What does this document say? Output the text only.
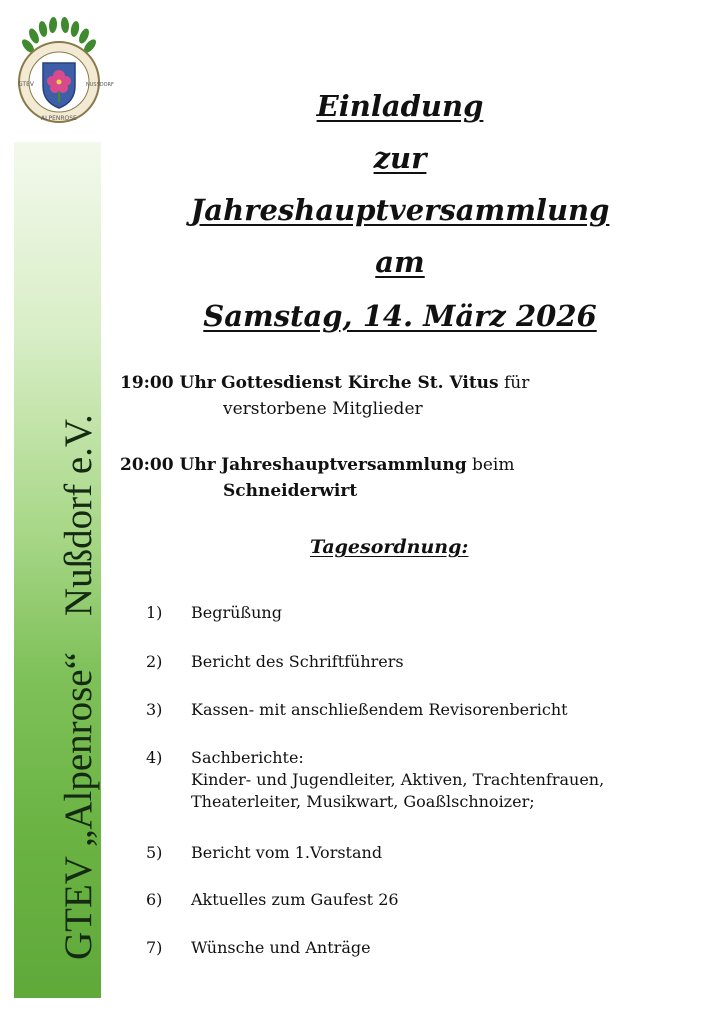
GTEV	NUSSDORF
ALPENROSE
GTEV „Alpenrose“Nußdorf e.V.
Einladung
zur
Jahreshauptversammlung
am
Samstag, 14. März 2026
19:00 Uhr Gottesdienst Kirche St. Vitus für
verstorbene Mitglieder
20:00 Uhr Jahreshauptversammlung beim
Schneiderwirt
Tagesordnung:
1) Begrüßung
2) Bericht des Schriftführers
3) Kassen- mit anschließendem Revisorenbericht
4) Sachberichte:
Kinder- und Jugendleiter, Aktiven, Trachtenfrauen,
Theaterleiter, Musikwart, Goaßlschnoizer;
5) Bericht vom 1.Vorstand
6) Aktuelles zum Gaufest 26
7) Wünsche und Anträge
